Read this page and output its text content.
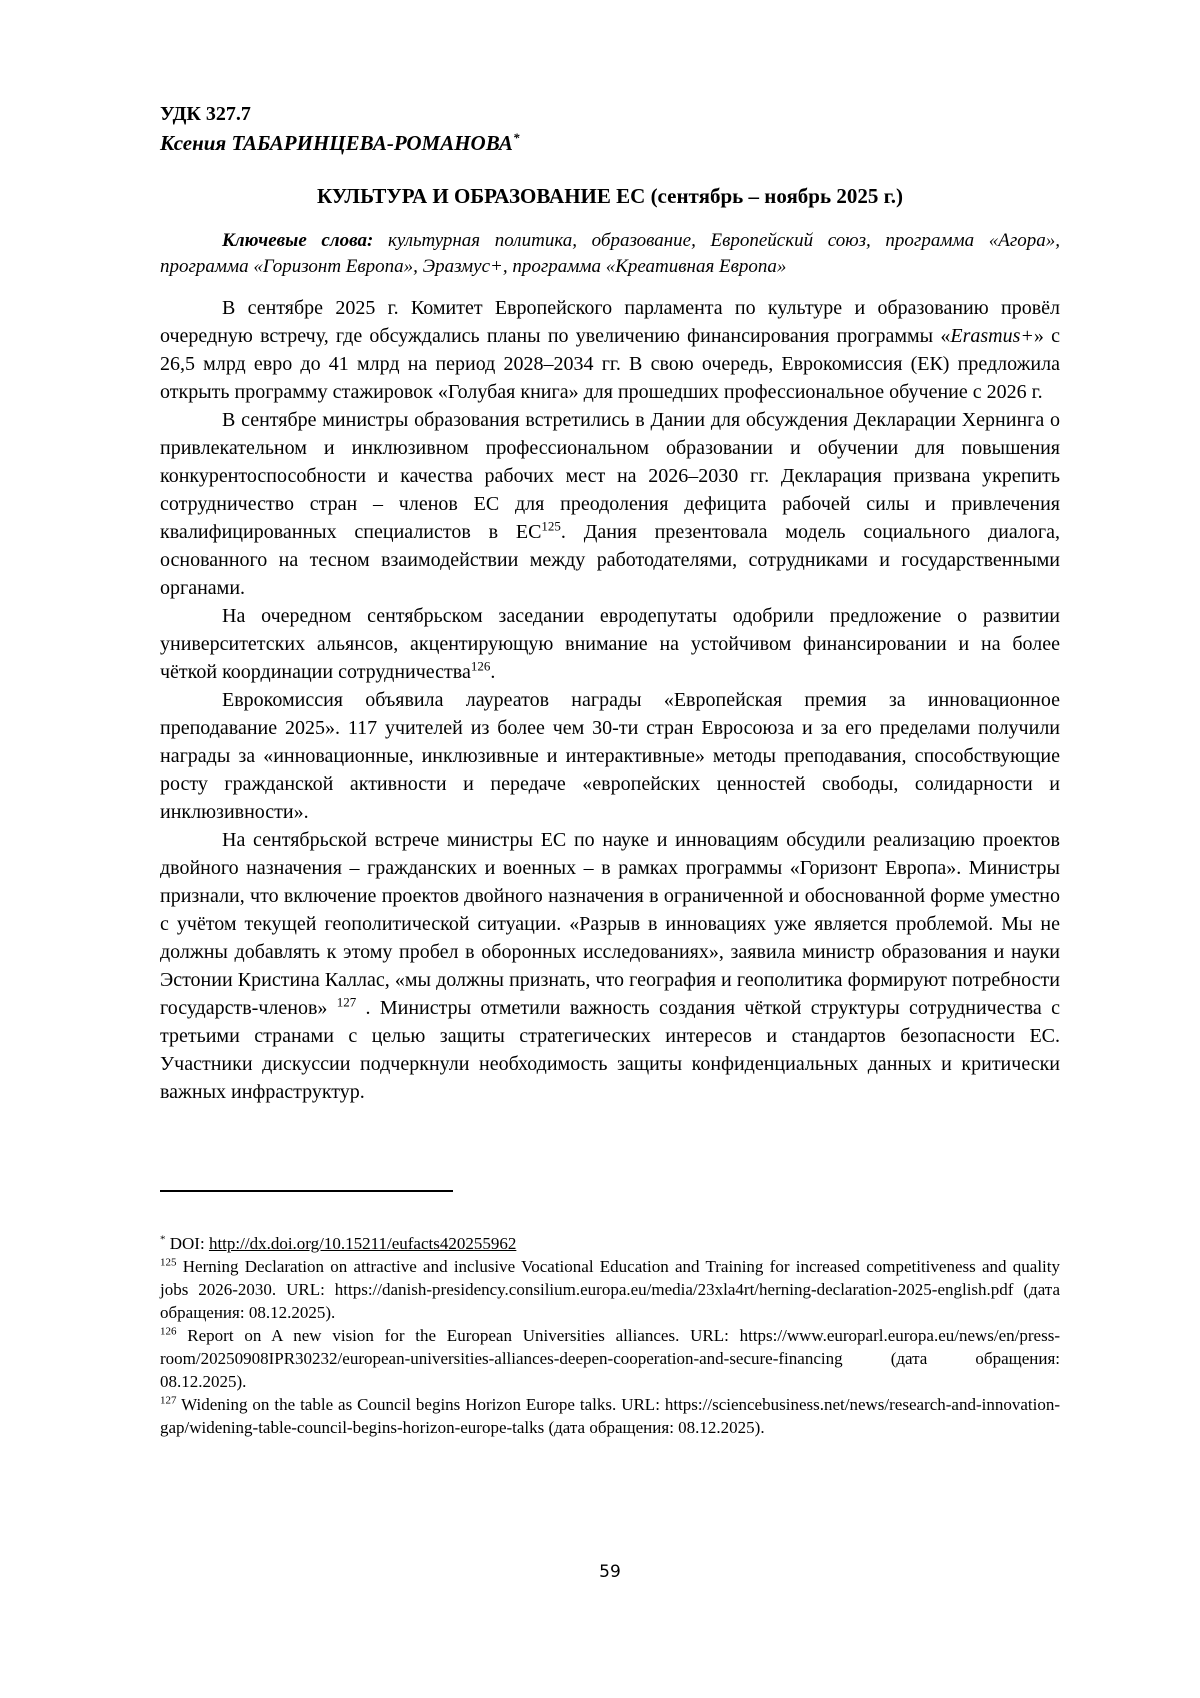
УДК 327.7
Ксения ТАБАРИНЦЕВА-РОМАНОВА*
КУЛЬТУРА И ОБРАЗОВАНИЕ ЕС (сентябрь – ноябрь 2025 г.)

Ключевые слова: культурная политика, образование, Европейский союз, программа «Агора», программа «Горизонт Европа», Эразмус+, программа «Креативная Европа»

В сентябре 2025 г. Комитет Европейского парламента по культуре и образованию провёл очередную встречу, где обсуждались планы по увеличению финансирования программы «Erasmus+» с 26,5 млрд евро до 41 млрд на период 2028–2034 гг. В свою очередь, Еврокомиссия (ЕК) предложила открыть программу стажировок «Голубая книга» для прошедших профессиональное обучение с 2026 г.

В сентябре министры образования встретились в Дании для обсуждения Декларации Хернинга о привлекательном и инклюзивном профессиональном образовании и обучении для повышения конкурентоспособности и качества рабочих мест на 2026–2030 гг. Декларация призвана укрепить сотрудничество стран – членов ЕС для преодоления дефицита рабочей силы и привлечения квалифицированных специалистов в ЕС$^{125}$. Дания презентовала модель социального диалога, основанного на тесном взаимодействии между работодателями, сотрудниками и государственными органами.

На очередном сентябрьском заседании евродепутаты одобрили предложение о развитии университетских альянсов, акцентирующую внимание на устойчивом финансировании и на более чёткой координации сотрудничества$^{126}$.

Еврокомиссия объявила лауреатов награды «Европейская премия за инновационное преподавание 2025». 117 учителей из более чем 30-ти стран Евросоюза и за его пределами получили награды за «инновационные, инклюзивные и интерактивные» методы преподавания, способствующие росту гражданской активности и передаче «европейских ценностей свободы, солидарности и инклюзивности».

На сентябрьской встрече министры ЕС по науке и инновациям обсудили реализацию проектов двойного назначения – гражданских и военных – в рамках программы «Горизонт Европа». Министры признали, что включение проектов двойного назначения в ограниченной и обоснованной форме уместно с учётом текущей геополитической ситуации. «Разрыв в инновациях уже является проблемой. Мы не должны добавлять к этому пробел в оборонных исследованиях», заявила министр образования и науки Эстонии Кристина Каллас, «мы должны признать, что география и геополитика формируют потребности государств-членов» $^{127}$ . Министры отметили важность создания чёткой структуры сотрудничества с третьими странами с целью защиты стратегических интересов и стандартов безопасности ЕС. Участники дискуссии подчеркнули необходимость защиты конфиденциальных данных и критически важных инфраструктур.

* DOI: http://dx.doi.org/10.15211/eufacts420255962

$^{125}$ Herning Declaration on attractive and inclusive Vocational Education and Training for increased competitiveness and quality jobs 2026-2030. URL: https://danish-presidency.consilium.europa.eu/media/23xla4rt/herning-declaration-2025-english.pdf (дата обращения: 08.12.2025).

$^{126}$ Report on A new vision for the European Universities alliances. URL: https://www.europarl.europa.eu/news/en/press-room/20250908IPR30232/european-universities-alliances-deepen-cooperation-and-secure-financing (дата обращения: 08.12.2025).

$^{127}$ Widening on the table as Council begins Horizon Europe talks. URL: https://sciencebusiness.net/news/research-and-innovation-gap/widening-table-council-begins-horizon-europe-talks (дата обращения: 08.12.2025).

59
